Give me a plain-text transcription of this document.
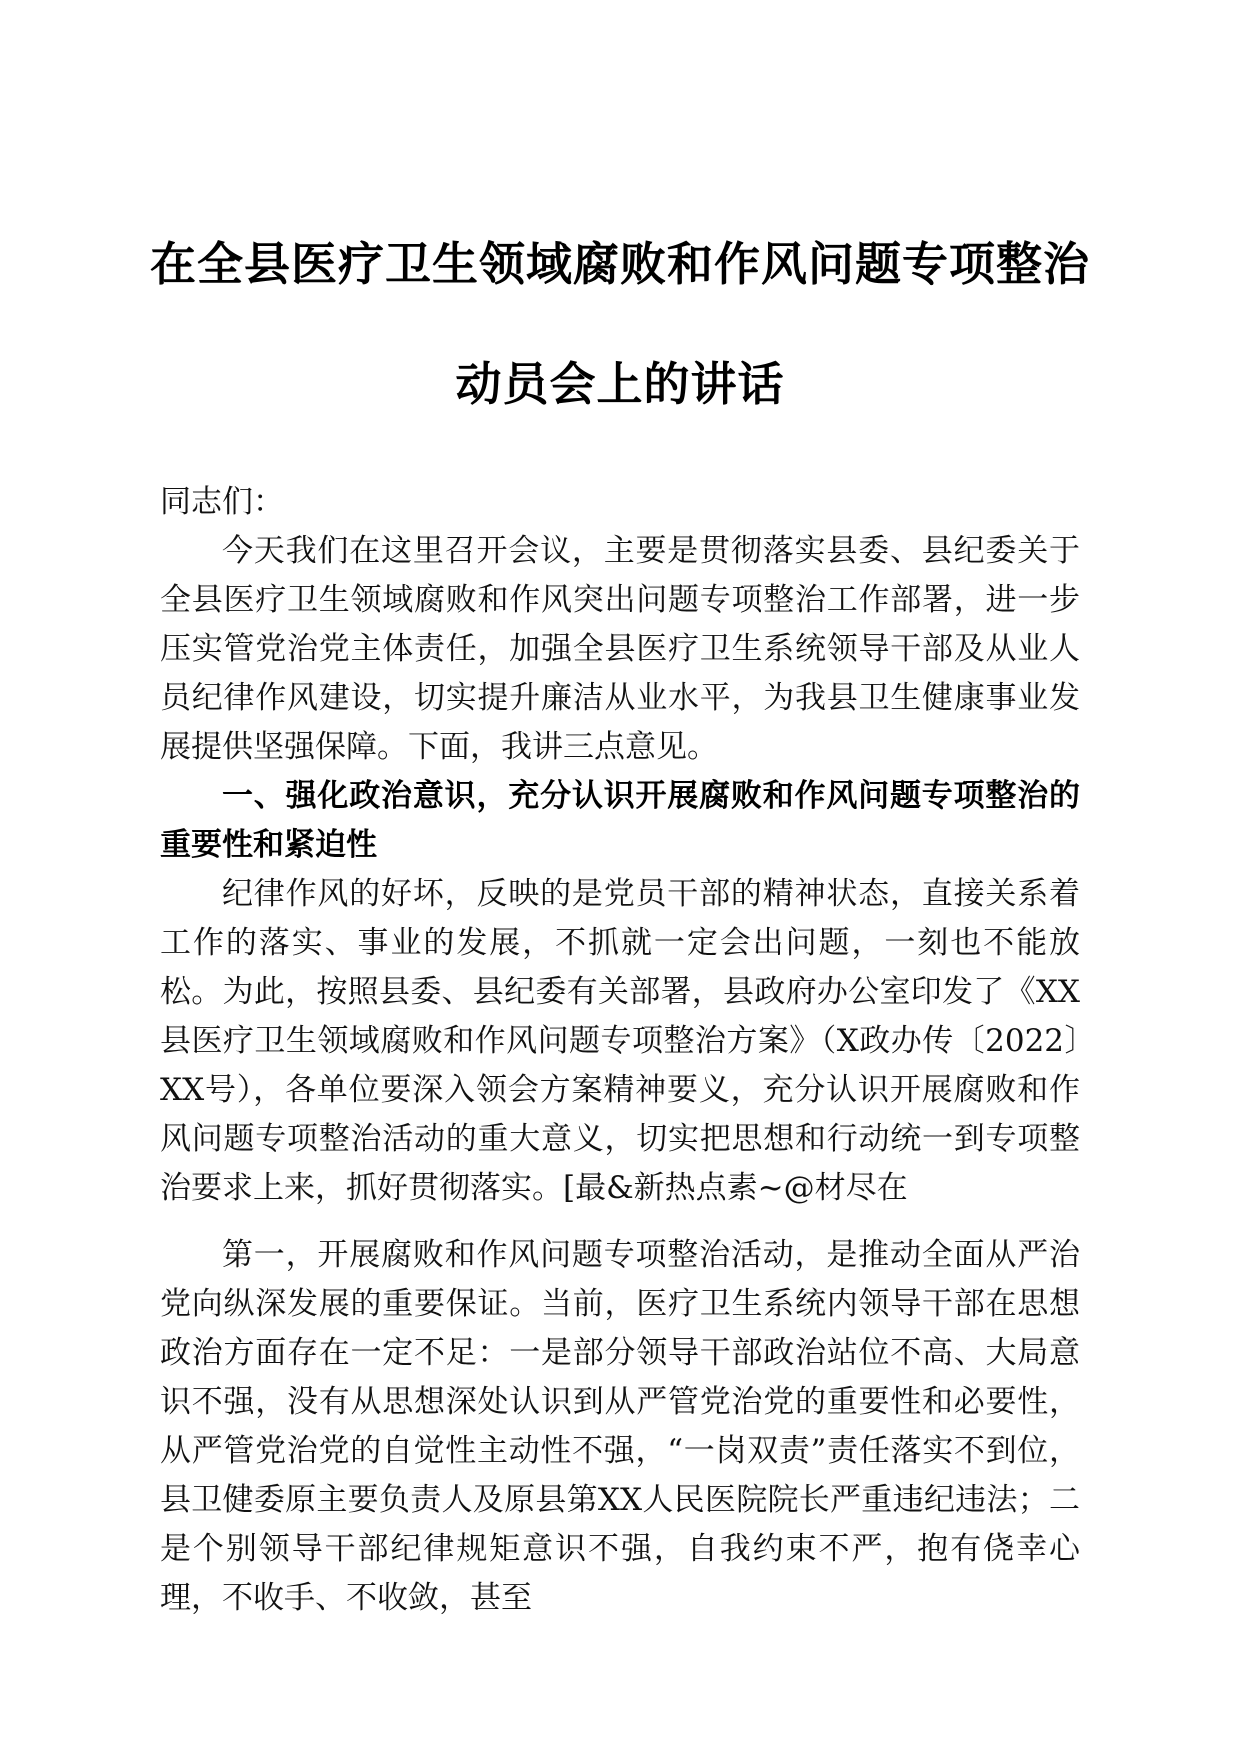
在全县医疗卫生领域腐败和作风问题专项整治
动员会上的讲话

同志们：

今天我们在这里召开会议，主要是贯彻落实县委、县纪委关于全县医疗卫生领域腐败和作风突出问题专项整治工作部署，进一步压实管党治党主体责任，加强全县医疗卫生系统领导干部及从业人员纪律作风建设，切实提升廉洁从业水平，为我县卫生健康事业发展提供坚强保障。下面，我讲三点意见。

一、强化政治意识，充分认识开展腐败和作风问题专项整治的重要性和紧迫性

纪律作风的好坏，反映的是党员干部的精神状态，直接关系着工作的落实、事业的发展，不抓就一定会出问题，一刻也不能放松。为此，按照县委、县纪委有关部署，县政府办公室印发了《XX县医疗卫生领域腐败和作风问题专项整治方案》（X政办传〔2022〕XX号），各单位要深入领会方案精神要义，充分认识开展腐败和作风问题专项整治活动的重大意义，切实把思想和行动统一到专项整治要求上来，抓好贯彻落实。[最&新热点素~@材尽在

第一，开展腐败和作风问题专项整治活动，是推动全面从严治党向纵深发展的重要保证。当前，医疗卫生系统内领导干部在思想政治方面存在一定不足：一是部分领导干部政治站位不高、大局意识不强，没有从思想深处认识到从严管党治党的重要性和必要性，从严管党治党的自觉性主动性不强，“一岗双责”责任落实不到位，县卫健委原主要负责人及原县第XX人民医院院长严重违纪违法；二是个别领导干部纪律规矩意识不强，自我约束不严，抱有侥幸心理，不收手、不收敛，甚至
